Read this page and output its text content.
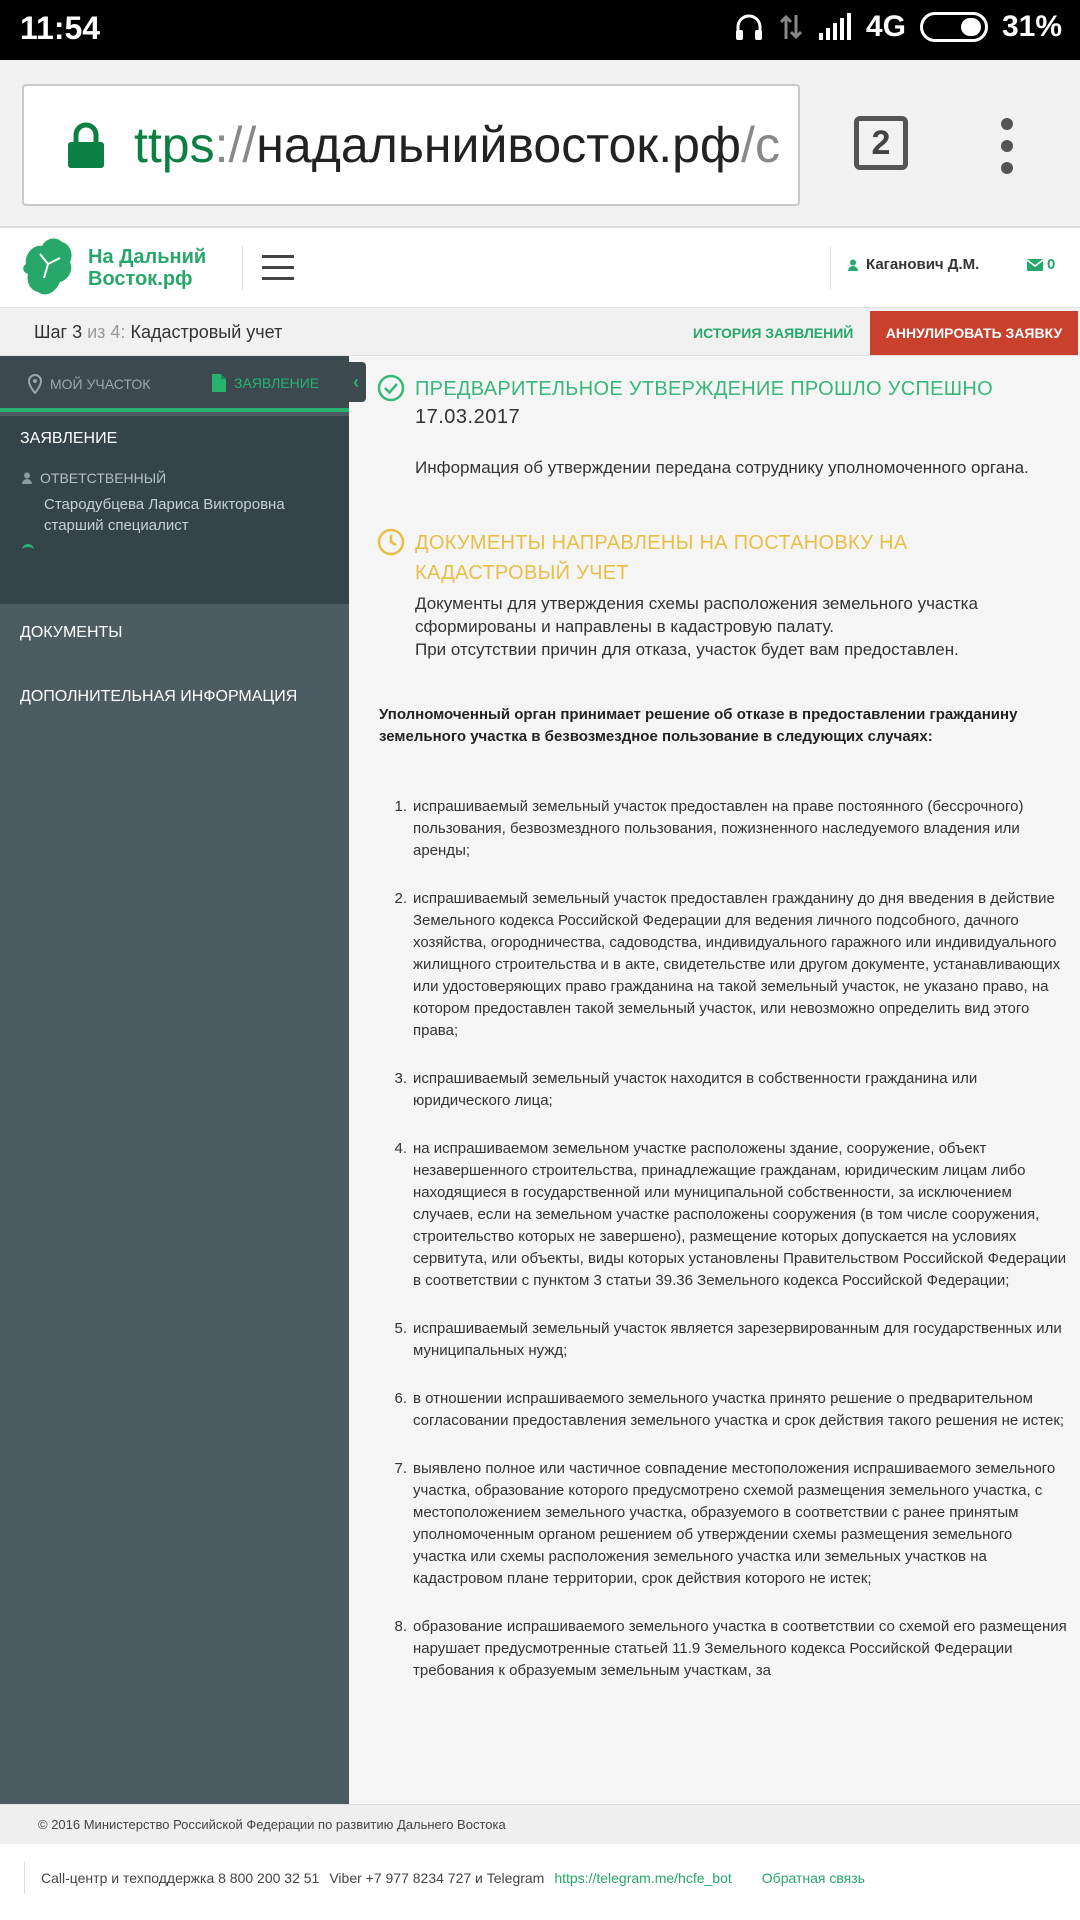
11:54	4G	31%
ttps://надальнийвосток.рф/c	2
На Дальний
Восток.рф
Каганович Д.М.	0
Шаг 3 из 4: Кадастровый учет	ИСТОРИЯ ЗАЯВЛЕНИЙ	АННУЛИРОВАТЬ ЗАЯВКУ
МОЙ УЧАСТОК	ЗАЯВЛЕНИЕ
ЗАЯВЛЕНИЕ
ОТВЕТСТВЕННЫЙ
Стародубцева Лариса Викторовна
старший специалист
ДОКУМЕНТЫ
ДОПОЛНИТЕЛЬНАЯ ИНФОРМАЦИЯ
‹	ПРЕДВАРИТЕЛЬНОЕ УТВЕРЖДЕНИЕ ПРОШЛО УСПЕШНО
17.03.2017
Информация об утверждении передана сотруднику уполномоченного органа.
ДОКУМЕНТЫ НАПРАВЛЕНЫ НА ПОСТАНОВКУ НА КАДАСТРОВЫЙ УЧЕТ
Документы для утверждения схемы расположения земельного участка сформированы и направлены в кадастровую палату.
При отсутствии причин для отказа, участок будет вам предоставлен.
Уполномоченный орган принимает решение об отказе в предоставлении гражданину земельного участка в безвозмездное пользование в следующих случаях:
1. испрашиваемый земельный участок предоставлен на праве постоянного (бессрочного) пользования, безвозмездного пользования, пожизненного наследуемого владения или аренды;
2. испрашиваемый земельный участок предоставлен гражданину до дня введения в действие Земельного кодекса Российской Федерации для ведения личного подсобного, дачного хозяйства, огородничества, садоводства, индивидуального гаражного или индивидуального жилищного строительства и в акте, свидетельстве или другом документе, устанавливающих или удостоверяющих право гражданина на такой земельный участок, не указано право, на котором предоставлен такой земельный участок, или невозможно определить вид этого права;
3. испрашиваемый земельный участок находится в собственности гражданина или юридического лица;
4. на испрашиваемом земельном участке расположены здание, сооружение, объект незавершенного строительства, принадлежащие гражданам, юридическим лицам либо находящиеся в государственной или муниципальной собственности, за исключением случаев, если на земельном участке расположены сооружения (в том числе сооружения, строительство которых не завершено), размещение которых допускается на условиях сервитута, или объекты, виды которых установлены Правительством Российской Федерации в соответствии с пунктом 3 статьи 39.36 Земельного кодекса Российской Федерации;
5. испрашиваемый земельный участок является зарезервированным для государственных или муниципальных нужд;
6. в отношении испрашиваемого земельного участка принято решение о предварительном согласовании предоставления земельного участка и срок действия такого решения не истек;
7. выявлено полное или частичное совпадение местоположения испрашиваемого земельного участка, образование которого предусмотрено схемой размещения земельного участка, с местоположением земельного участка, образуемого в соответствии с ранее принятым уполномоченным органом решением об утверждении схемы размещения земельного участка или схемы расположения земельного участка или земельных участков на кадастровом плане территории, срок действия которого не истек;
8. образование испрашиваемого земельного участка в соответствии со схемой его размещения нарушает предусмотренные статьей 11.9 Земельного кодекса Российской Федерации требования к образуемым земельным участкам, за
© 2016 Министерство Российской Федерации по развитию Дальнего Востока
Call-центр и техподдержка 8 800 200 32 51 Viber +7 977 8234 727 и Telegram https://telegram.me/hcfe_bot Обратная связь
